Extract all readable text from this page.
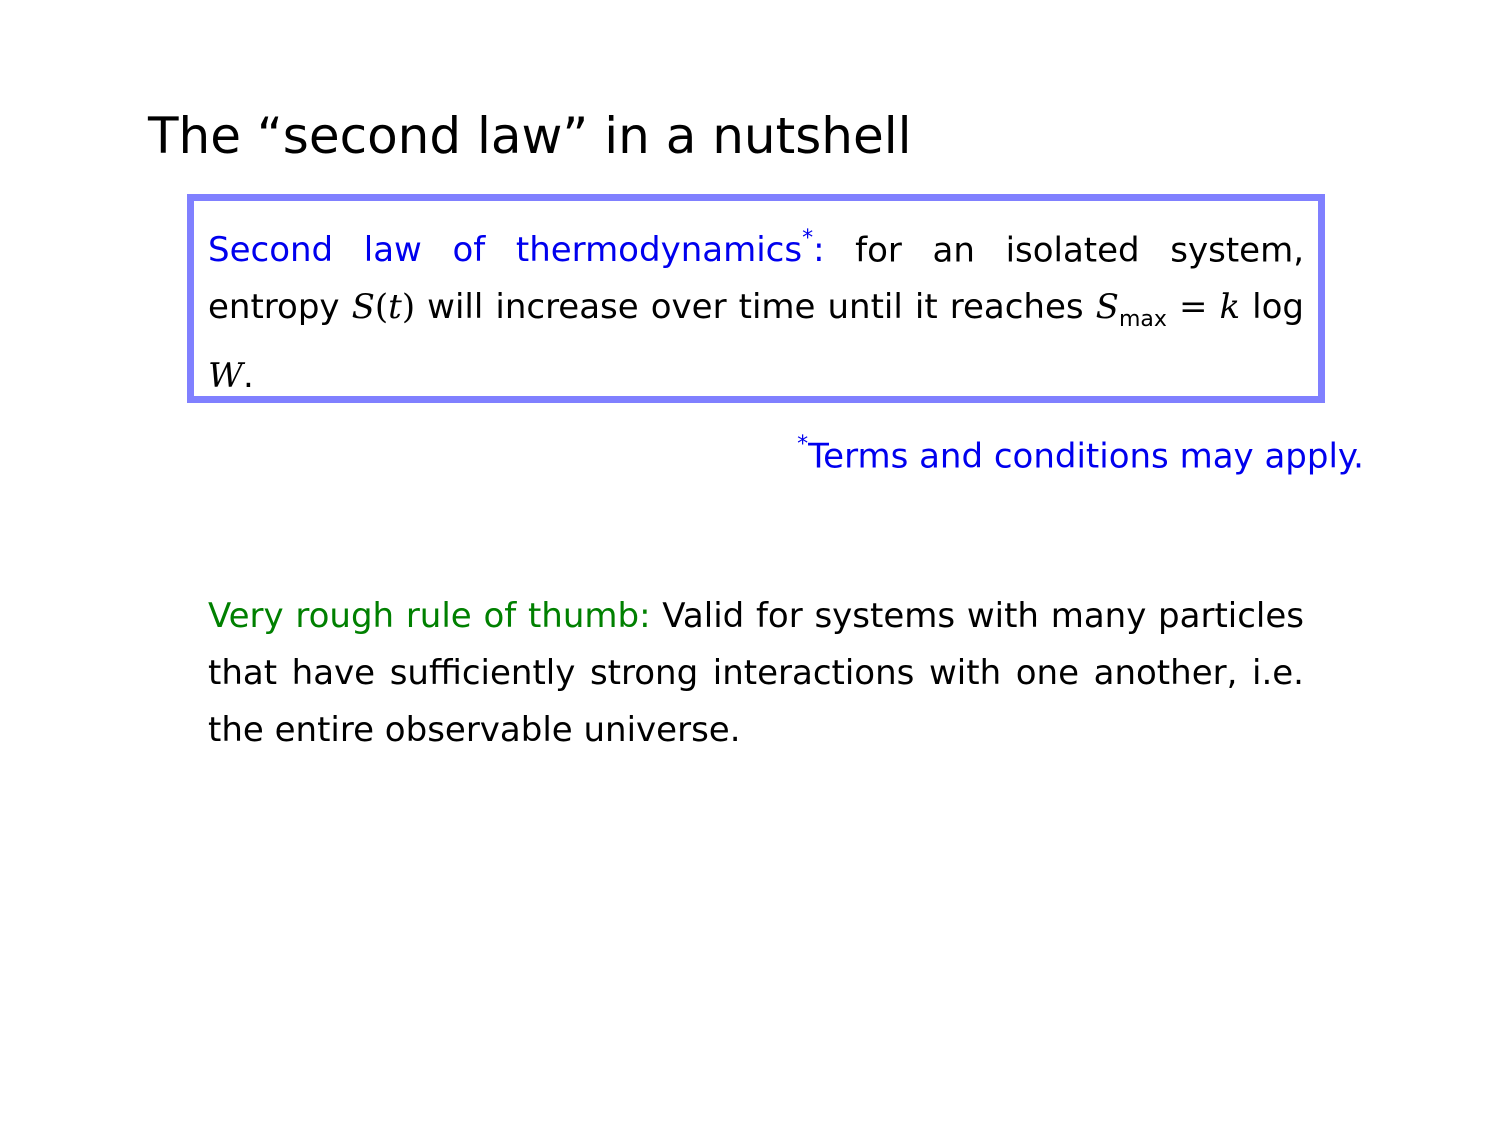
The “second law” in a nutshell

Second law of thermodynamics*: for an isolated system, entropy S(t) will increase over time until it reaches $S_{max} = k$ log W.

*Terms and conditions may apply.

Very rough rule of thumb: Valid for systems with many particles that have sufficiently strong interactions with one another, i.e. the entire observable universe.
